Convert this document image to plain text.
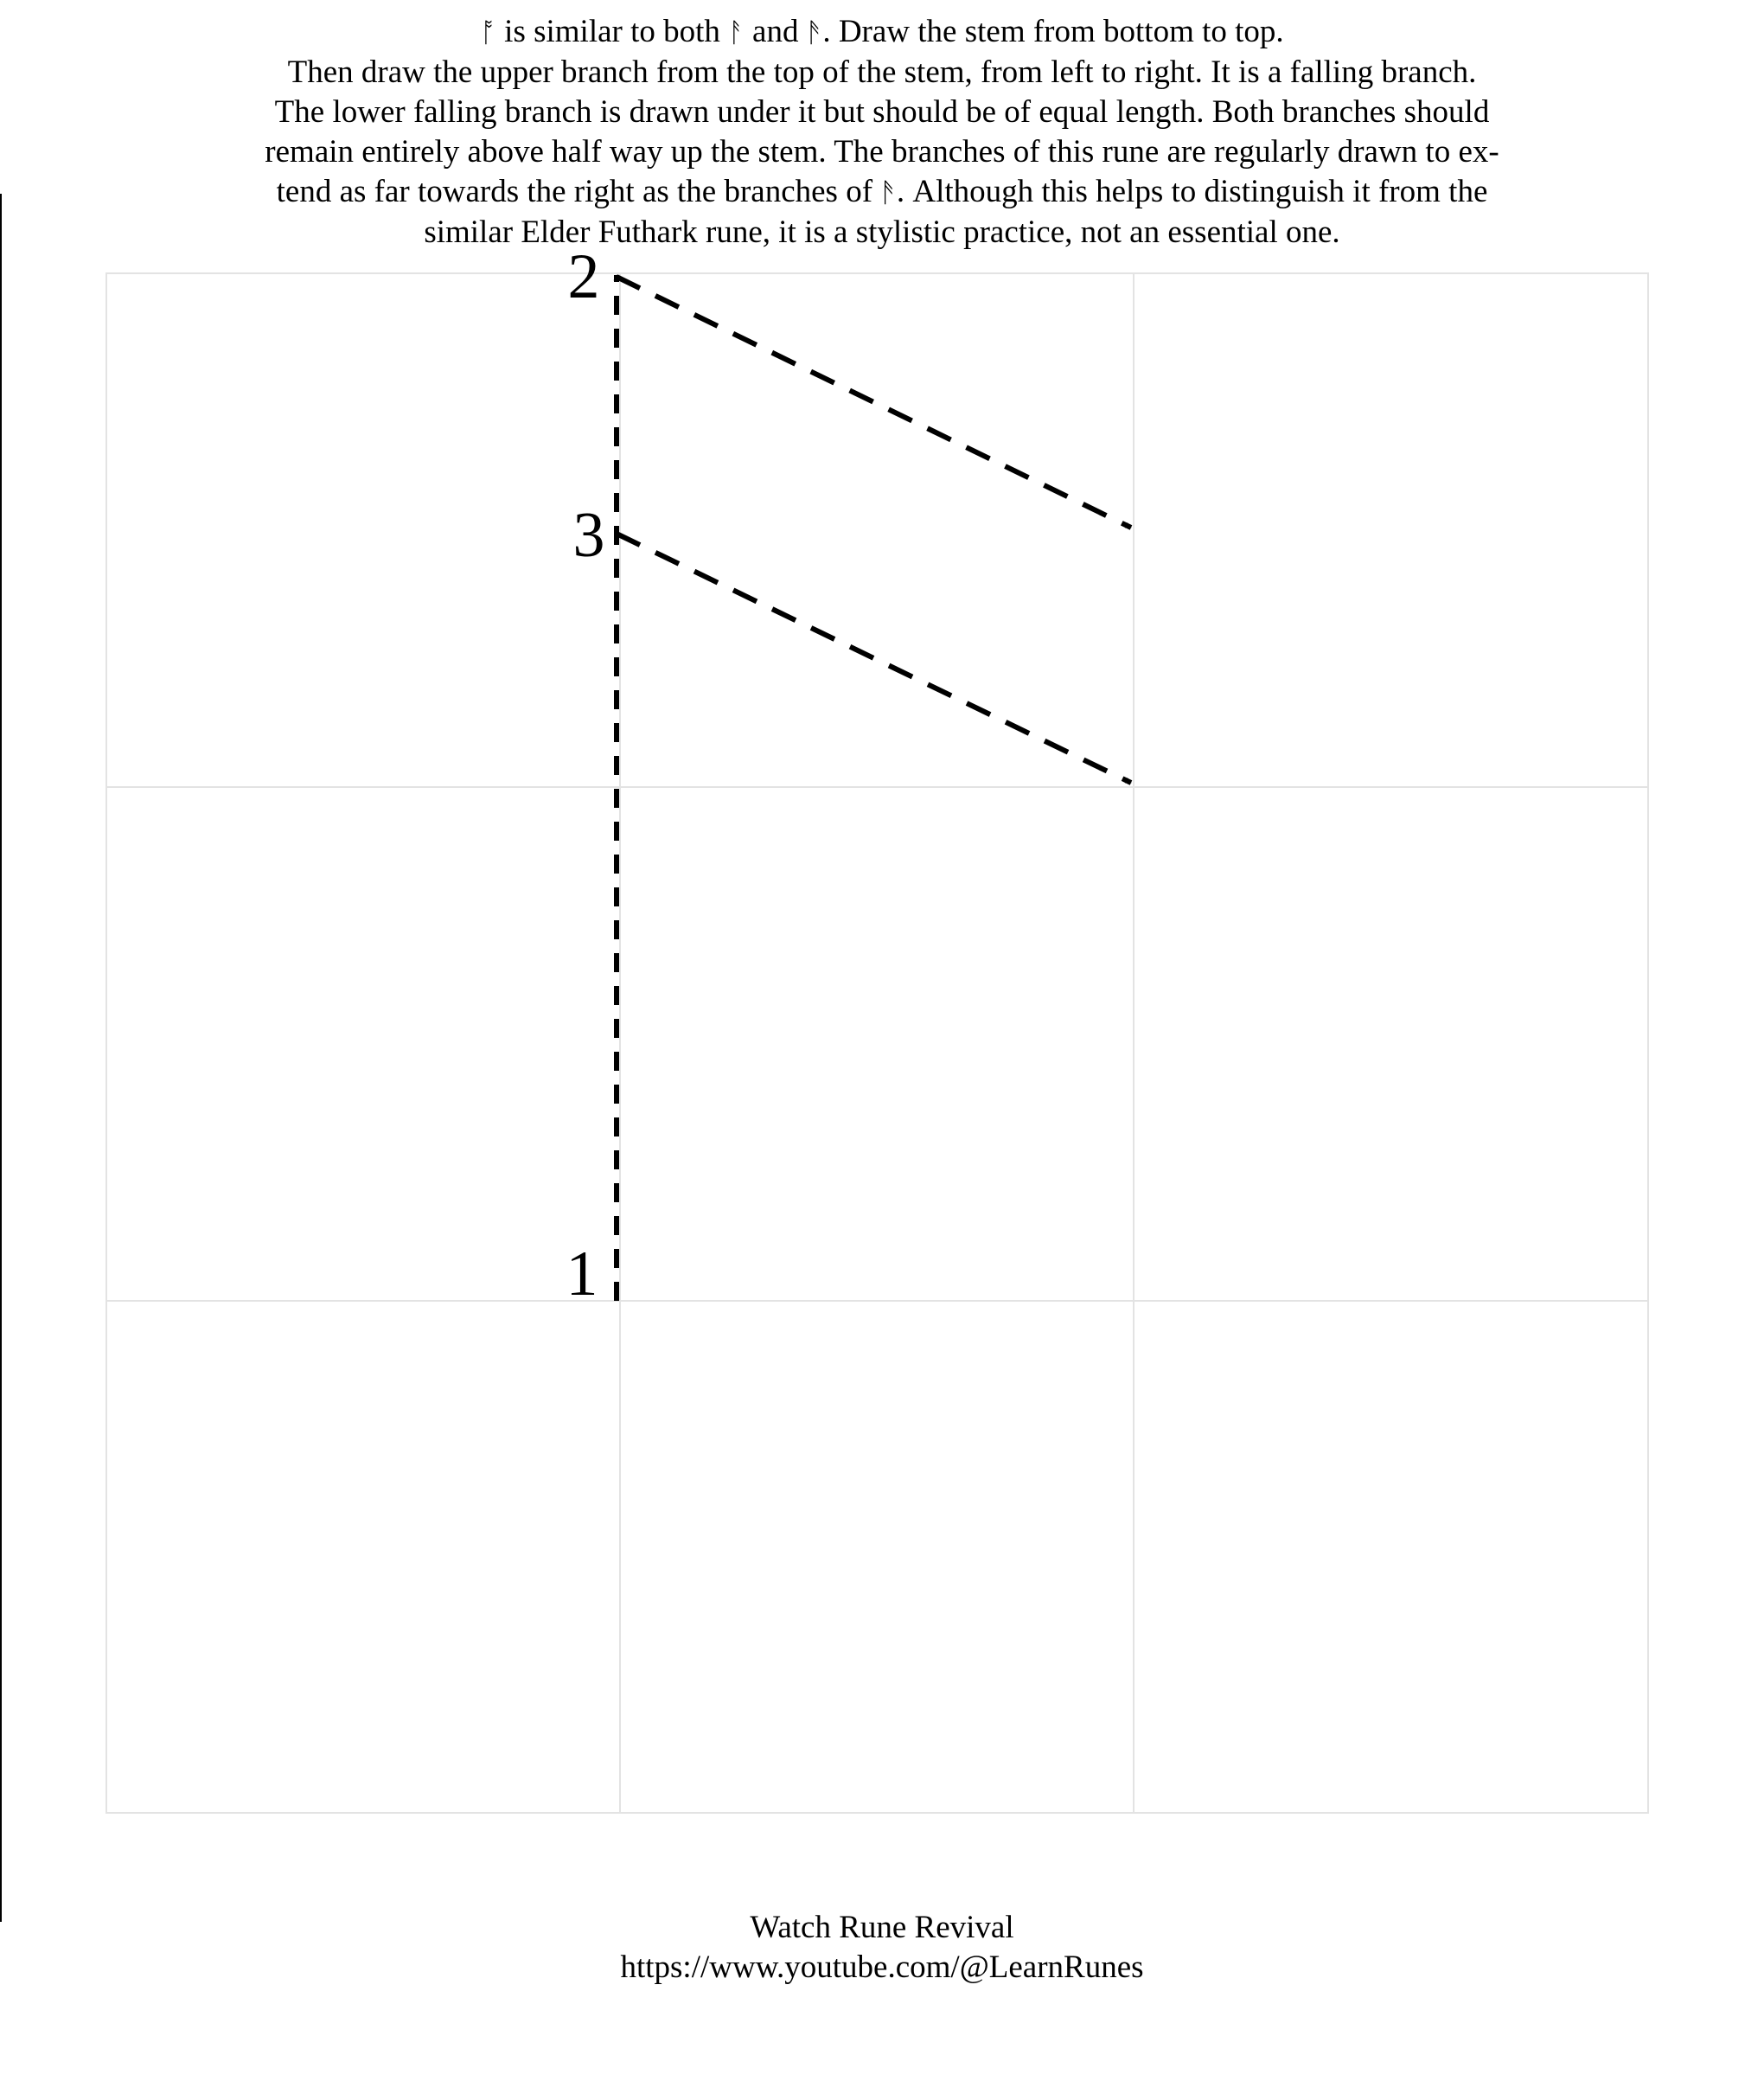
ᚩ is similar to both ᚨ and ᚫ. Draw the stem from bottom to top.
Then draw the upper branch from the top of the stem, from left to right. It is a falling branch.
The lower falling branch is drawn under it but should be of equal length. Both branches should
remain entirely above half way up the stem. The branches of this rune are regularly drawn to ex-
tend as far towards the right as the branches of ᚫ. Although this helps to distinguish it from the
similar Elder Futhark rune, it is a stylistic practice, not an essential one.
1
2
3
Watch Rune Revival
https://www.youtube.com/@LearnRunes
